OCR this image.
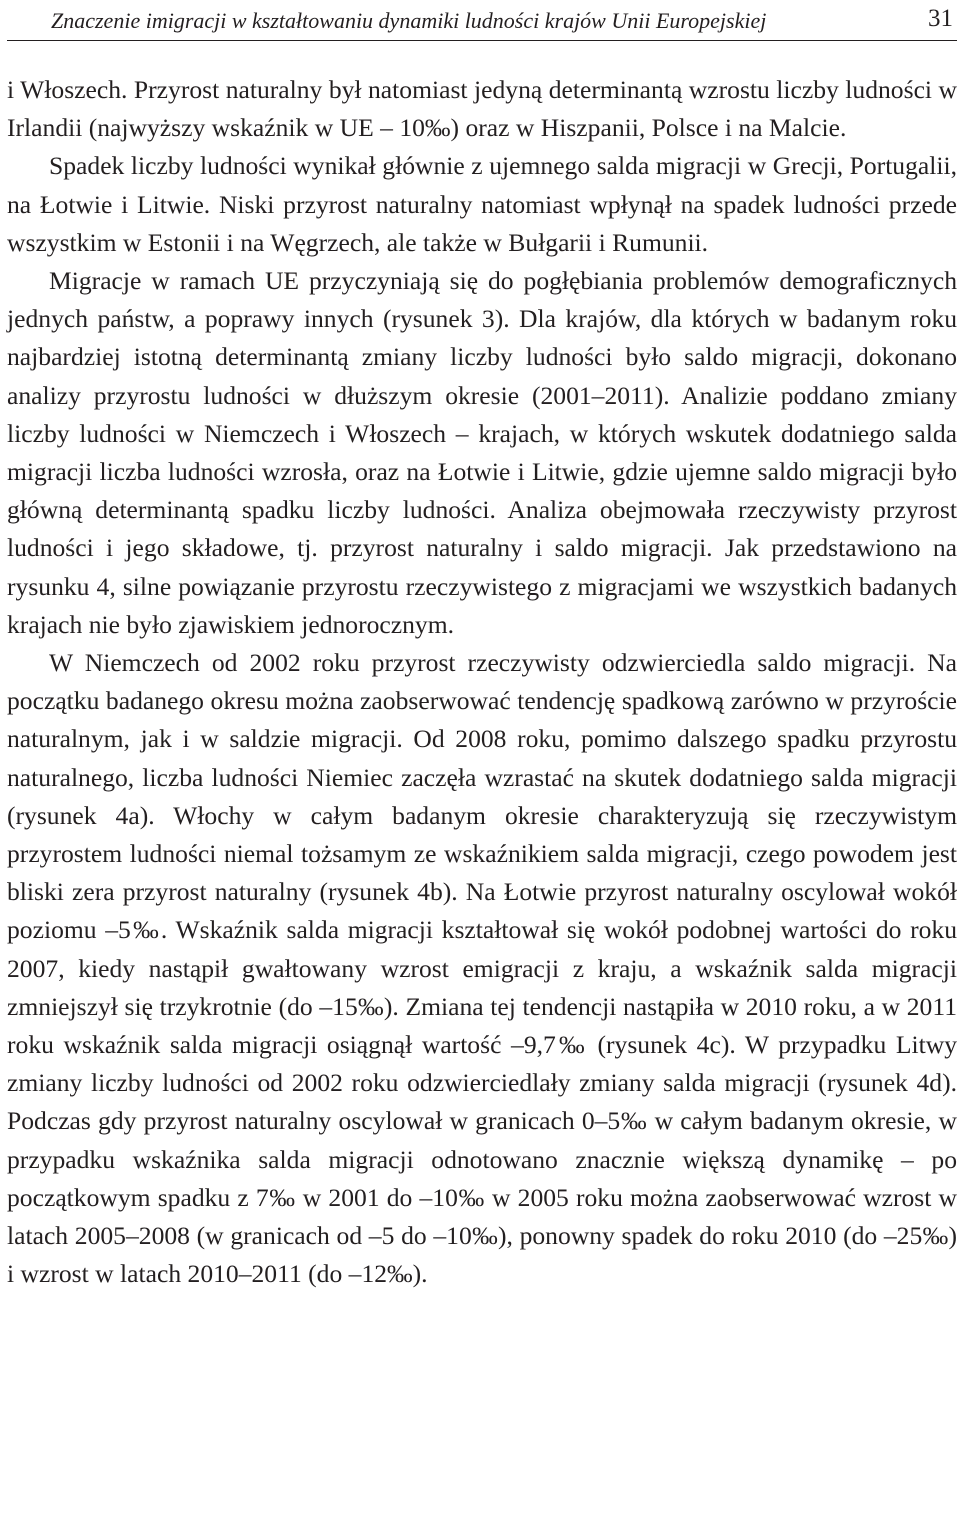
Znaczenie imigracji w kształtowaniu dynamiki ludności krajów Unii Europejskiej	31

i Włoszech. Przyrost naturalny był natomiast jedyną determinantą wzrostu liczby ludności w Irlandii (najwyższy wskaźnik w UE – 10‰) oraz w Hiszpanii, Polsce i na Malcie.

Spadek liczby ludności wynikał głównie z ujemnego salda migracji w Grecji, Portugalii, na Łotwie i Litwie. Niski przyrost naturalny natomiast wpłynął na spadek ludności przede wszystkim w Estonii i na Węgrzech, ale także w Bułgarii i Rumunii.

Migracje w ramach UE przyczyniają się do pogłębiania problemów demograficznych jednych państw, a poprawy innych (rysunek 3). Dla krajów, dla których w badanym roku najbardziej istotną determinantą zmiany liczby ludności było saldo migracji, dokonano analizy przyrostu ludności w dłuższym okresie (2001–2011). Analizie poddano zmiany liczby ludności w Niemczech i Włoszech – krajach, w których wskutek dodatniego salda migracji liczba ludności wzrosła, oraz na Łotwie i Litwie, gdzie ujemne saldo migracji było główną determinantą spadku liczby ludności. Analiza obejmowała rzeczywisty przyrost ludności i jego składowe, tj. przyrost naturalny i saldo migracji. Jak przedstawiono na rysunku 4, silne powiązanie przyrostu rzeczywistego z migracjami we wszystkich badanych krajach nie było zjawiskiem jednorocznym.

W Niemczech od 2002 roku przyrost rzeczywisty odzwierciedla saldo migracji. Na początku badanego okresu można zaobserwować tendencję spadkową zarówno w przyroście naturalnym, jak i w saldzie migracji. Od 2008 roku, pomimo dalszego spadku przyrostu naturalnego, liczba ludności Niemiec zaczęła wzrastać na skutek dodatniego salda migracji (rysunek 4a). Włochy w całym badanym okresie charakteryzują się rzeczywistym przyrostem ludności niemal tożsamym ze wskaźnikiem salda migracji, czego powodem jest bliski zera przyrost naturalny (rysunek 4b). Na Łotwie przyrost naturalny oscylował wokół poziomu –5‰. Wskaźnik salda migracji kształtował się wokół podobnej wartości do roku 2007, kiedy nastąpił gwałtowany wzrost emigracji z kraju, a wskaźnik salda migracji zmniejszył się trzykrotnie (do –15‰). Zmiana tej tendencji nastąpiła w 2010 roku, a w 2011 roku wskaźnik salda migracji osiągnął wartość –9,7‰ (rysunek 4c). W przypadku Litwy zmiany liczby ludności od 2002 roku odzwierciedlały zmiany salda migracji (rysunek 4d). Podczas gdy przyrost naturalny oscylował w granicach 0–5‰ w całym badanym okresie, w przypadku wskaźnika salda migracji odnotowano znacznie większą dynamikę – po początkowym spadku z 7‰ w 2001 do –10‰ w 2005 roku można zaobserwować wzrost w latach 2005–2008 (w granicach od –5 do –10‰), ponowny spadek do roku 2010 (do –25‰) i wzrost w latach 2010–2011 (do –12‰).
